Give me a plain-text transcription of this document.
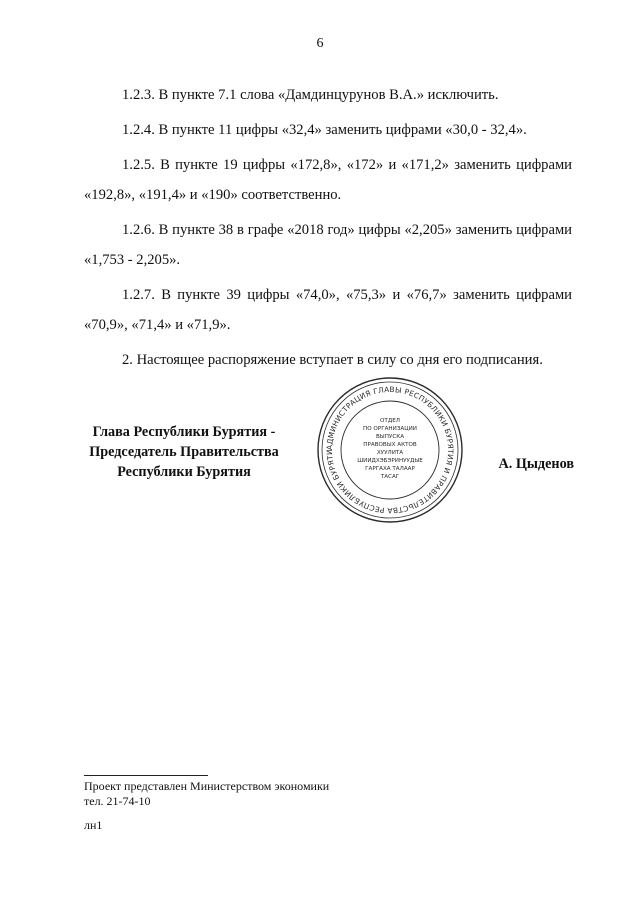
6

1.2.3. В пункте 7.1 слова «Дамдинцурунов В.А.» исключить.

1.2.4. В пункте 11 цифры «32,4» заменить цифрами «30,0 - 32,4».

1.2.5. В пункте 19 цифры «172,8», «172» и «171,2» заменить цифрами «192,8», «191,4» и «190» соответственно.

1.2.6. В пункте 38 в графе «2018 год» цифры «2,205» заменить цифрами «1,753 - 2,205».

1.2.7. В пункте 39 цифры «74,0», «75,3» и «76,7» заменить цифрами «70,9», «71,4» и «71,9».

2. Настоящее распоряжение вступает в силу со дня его подписания.

Глава Республики Бурятия -
Председатель Правительства
Республики Бурятия
АДМИНИСТРАЦИЯ ГЛАВЫ РЕСПУБЛИКИ БУРЯТИЯ И ПРАВИТЕЛЬСТВА РЕСПУБЛИКИ БУРЯТИ
ОТДЕЛ
ПО ОРГАНИЗАЦИИ
ВЫПУСКА
ПРАВОВЫХ АКТОВ
ХУУЛИТА
ШИИДХЭБЭРИНУУДЫЕ
ГАРГАХА ТАЛААР
ТАСАГ
А. Цыденов
Проект представлен Министерством экономики
тел. 21-74-10
лн1
